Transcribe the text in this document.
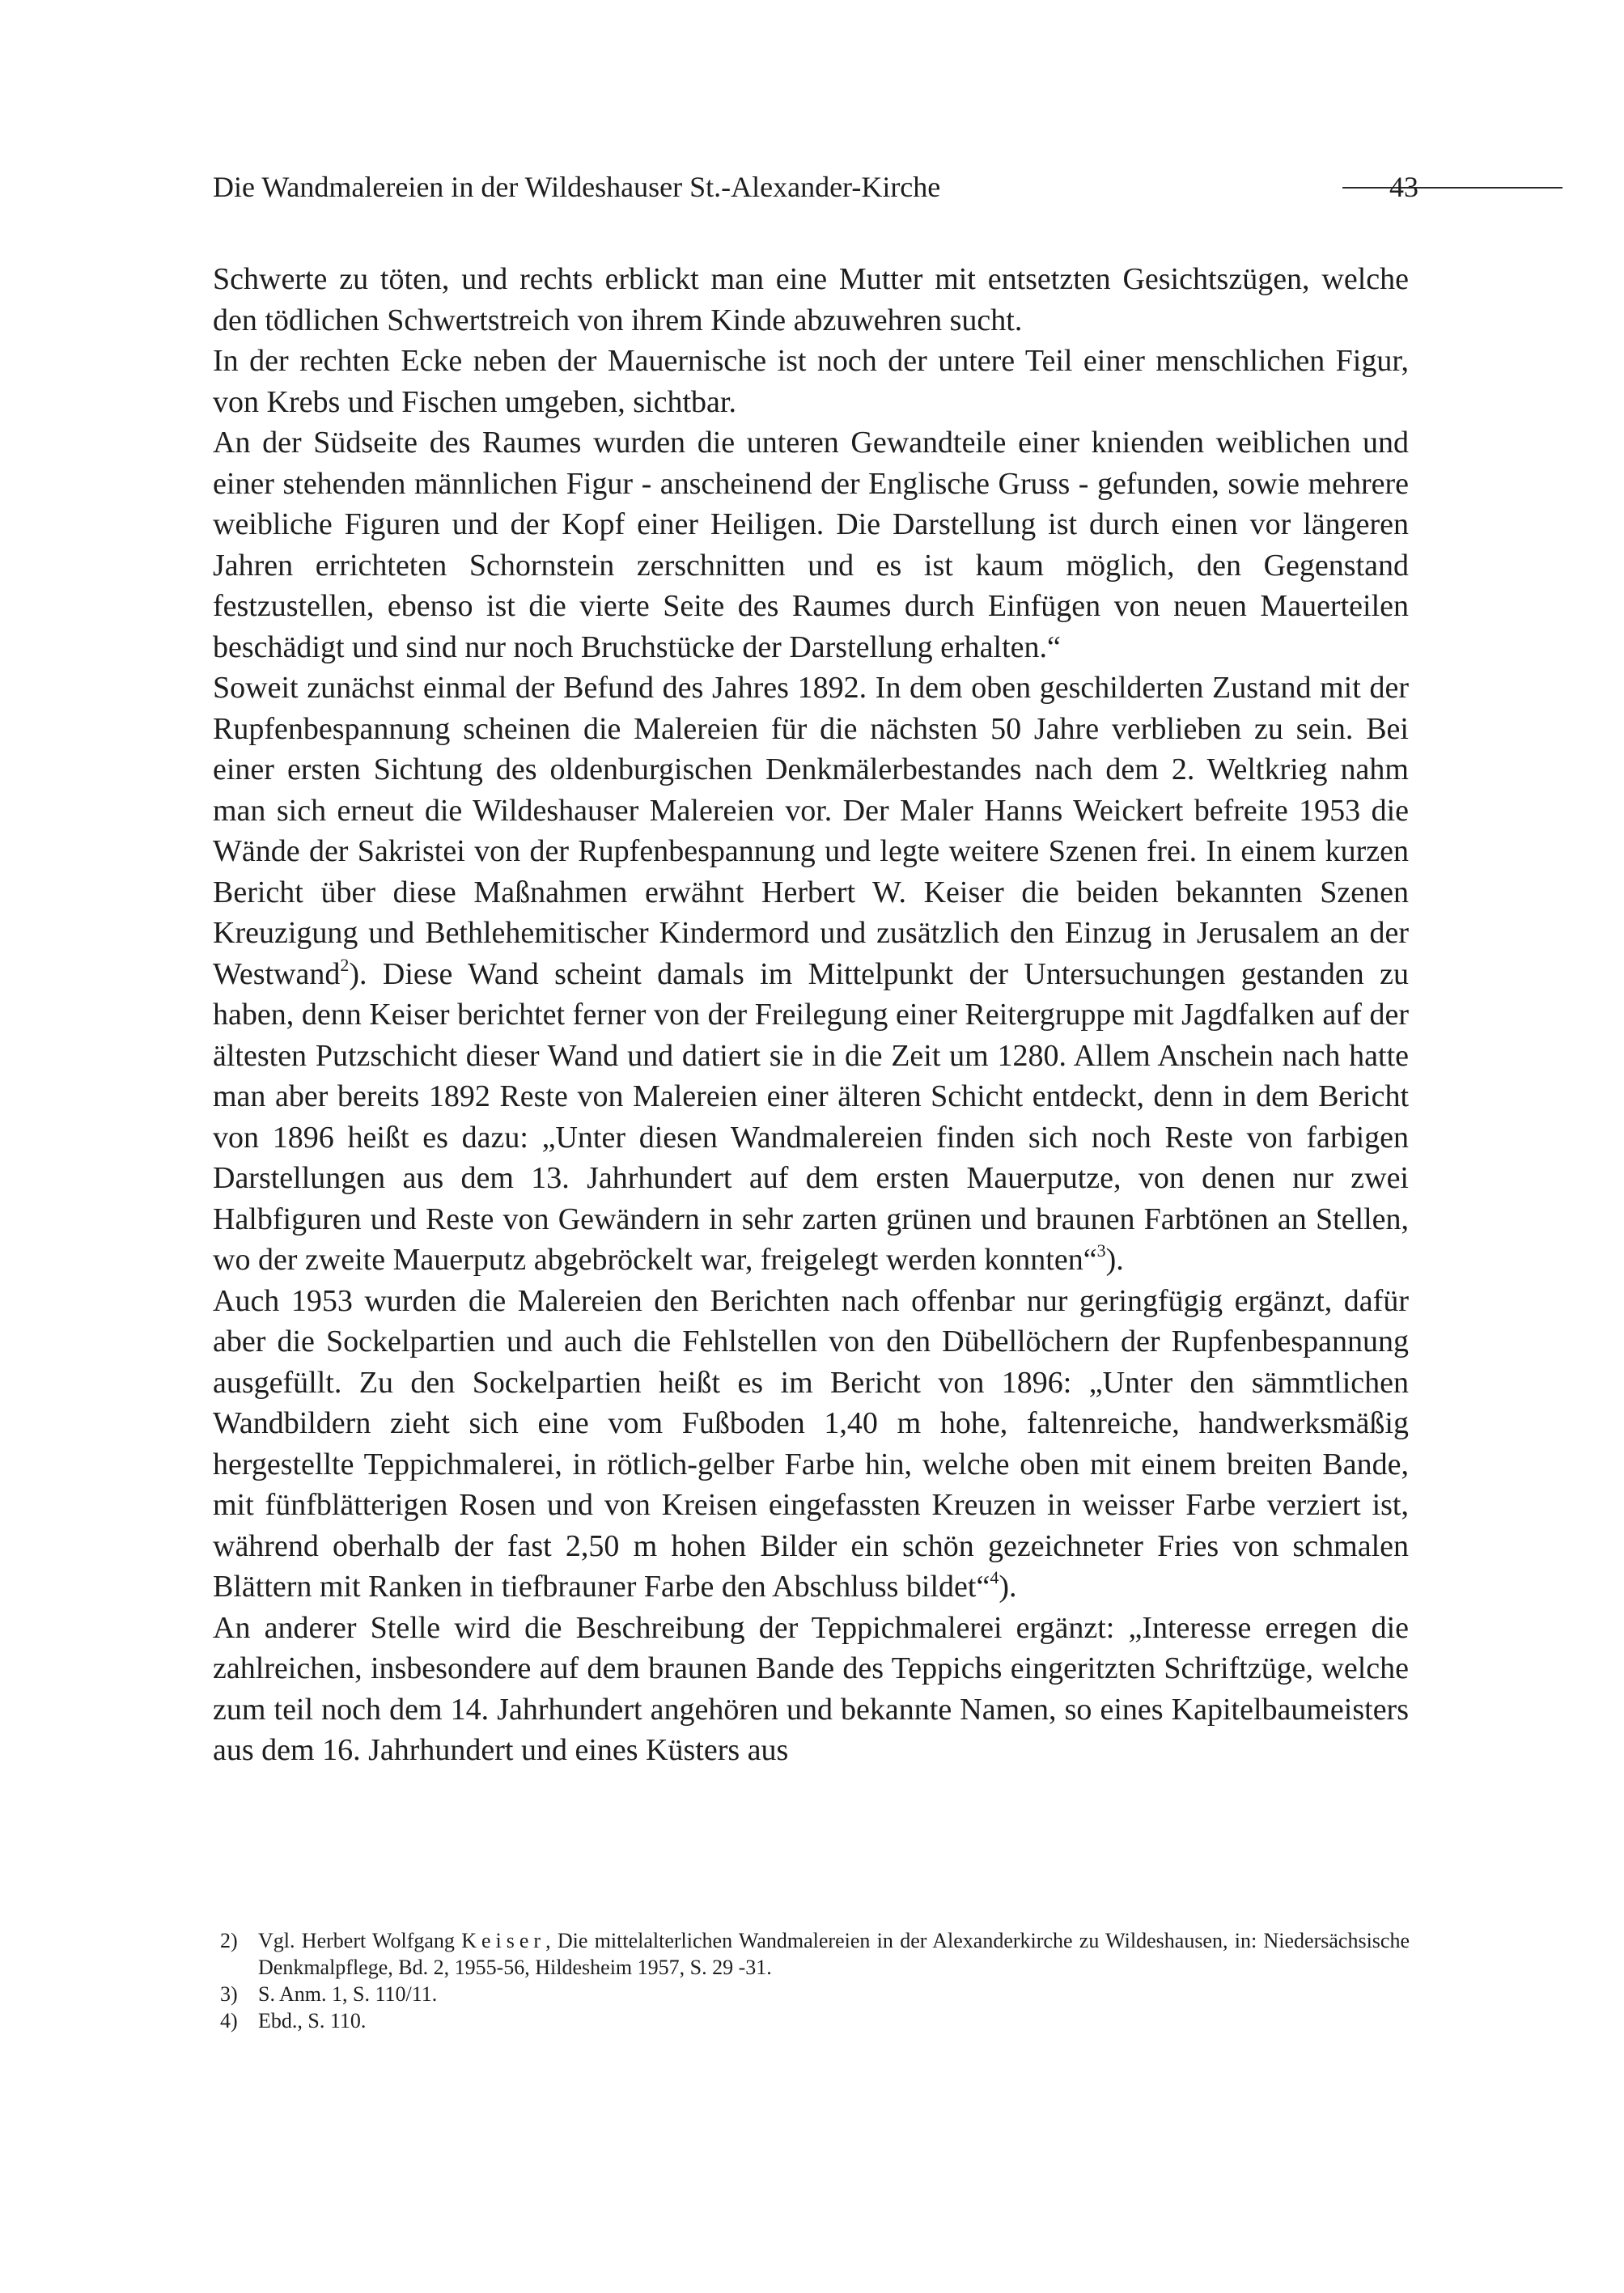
Die Wandmalereien in der Wildeshauser St.-Alexander-Kirche	43

Schwerte zu töten, und rechts erblickt man eine Mutter mit entsetzten Gesichtszügen, welche den tödlichen Schwertstreich von ihrem Kinde abzuwehren sucht.

In der rechten Ecke neben der Mauernische ist noch der untere Teil einer menschlichen Figur, von Krebs und Fischen umgeben, sichtbar.

An der Südseite des Raumes wurden die unteren Gewandteile einer knienden weiblichen und einer stehenden männlichen Figur - anscheinend der Englische Gruss - gefunden, sowie mehrere weibliche Figuren und der Kopf einer Heiligen. Die Darstellung ist durch einen vor längeren Jahren errichteten Schornstein zerschnitten und es ist kaum möglich, den Gegenstand festzustellen, ebenso ist die vierte Seite des Raumes durch Einfügen von neuen Mauerteilen beschädigt und sind nur noch Bruchstücke der Darstellung erhalten.“

Soweit zunächst einmal der Befund des Jahres 1892. In dem oben geschilderten Zustand mit der Rupfenbespannung scheinen die Malereien für die nächsten 50 Jahre verblieben zu sein. Bei einer ersten Sichtung des oldenburgischen Denkmälerbestandes nach dem 2. Weltkrieg nahm man sich erneut die Wildeshauser Malereien vor. Der Maler Hanns Weickert befreite 1953 die Wände der Sakristei von der Rupfenbespannung und legte weitere Szenen frei. In einem kurzen Bericht über diese Maßnahmen erwähnt Herbert W. Keiser die beiden bekannten Szenen Kreuzigung und Bethlehemitischer Kindermord und zusätzlich den Einzug in Jerusalem an der Westwand$^2$). Diese Wand scheint damals im Mittelpunkt der Untersuchungen gestanden zu haben, denn Keiser berichtet ferner von der Freilegung einer Reitergruppe mit Jagdfalken auf der ältesten Putzschicht dieser Wand und datiert sie in die Zeit um 1280. Allem Anschein nach hatte man aber bereits 1892 Reste von Malereien einer älteren Schicht entdeckt, denn in dem Bericht von 1896 heißt es dazu: „Unter diesen Wandmalereien finden sich noch Reste von farbigen Darstellungen aus dem 13. Jahrhundert auf dem ersten Mauerputze, von denen nur zwei Halbfiguren und Reste von Gewändern in sehr zarten grünen und braunen Farbtönen an Stellen, wo der zweite Mauerputz abgebröckelt war, freigelegt werden konnten“$^3$).

Auch 1953 wurden die Malereien den Berichten nach offenbar nur geringfügig ergänzt, dafür aber die Sockelpartien und auch die Fehlstellen von den Dübellöchern der Rupfenbespannung ausgefüllt. Zu den Sockelpartien heißt es im Bericht von 1896: „Unter den sämmtlichen Wandbildern zieht sich eine vom Fußboden 1,40 m hohe, faltenreiche, handwerksmäßig hergestellte Teppichmalerei, in rötlich-gelber Farbe hin, welche oben mit einem breiten Bande, mit fünfblätterigen Rosen und von Kreisen eingefassten Kreuzen in weisser Farbe verziert ist, während oberhalb der fast 2,50 m hohen Bilder ein schön gezeichneter Fries von schmalen Blättern mit Ranken in tiefbrauner Farbe den Abschluss bildet“$^4$).

An anderer Stelle wird die Beschreibung der Teppichmalerei ergänzt: „Interesse erregen die zahlreichen, insbesondere auf dem braunen Bande des Teppichs eingeritzten Schriftzüge, welche zum teil noch dem 14. Jahrhundert angehören und bekannte Namen, so eines Kapitelbaumeisters aus dem 16. Jahrhundert und eines Küsters aus

2) Vgl. Herbert Wolfgang Keiser, Die mittelalterlichen Wandmalereien in der Alexanderkirche zu Wildeshausen, in: Niedersächsische Denkmalpflege, Bd. 2, 1955-56, Hildesheim 1957, S. 29 -31.
3) S. Anm. 1, S. 110/11.
4) Ebd., S. 110.
